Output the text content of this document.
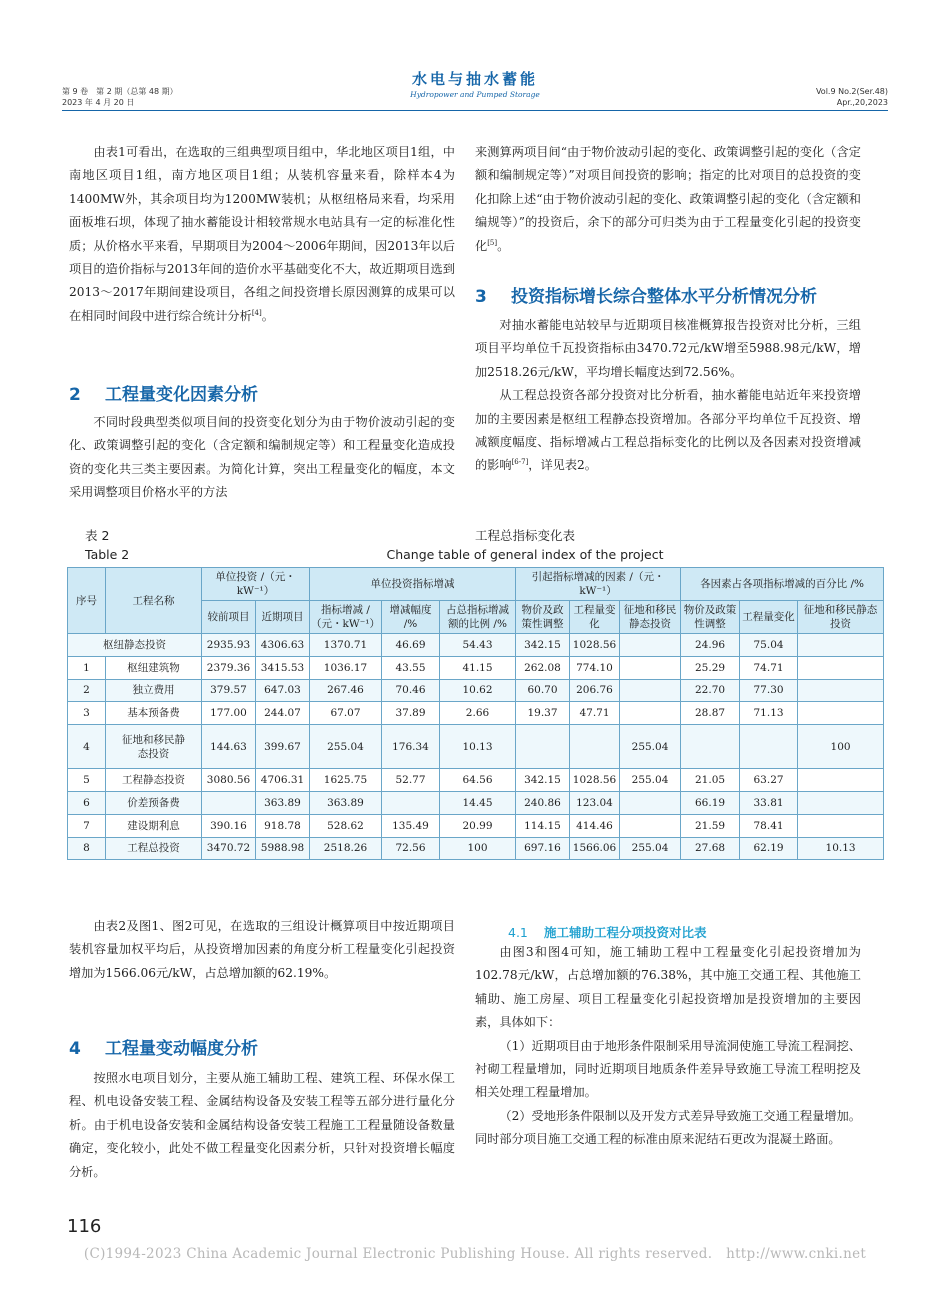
第 9 卷　第 2 期（总第 48 期）
2023 年 4 月 20 日
水电与抽水蓄能
Hydropower and Pumped Storage	Vol.9 No.2(Ser.48)
Apr.,20,2023

由表1可看出，在选取的三组典型项目组中，华北地区项目1组，中南地区项目1组，南方地区项目1组；从装机容量来看，除样本4为1400MW外，其余项目均为1200MW装机；从枢纽格局来看，均采用面板堆石坝，体现了抽水蓄能设计相较常规水电站具有一定的标准化性质；从价格水平来看，早期项目为2004～2006年期间，因2013年以后项目的造价指标与2013年间的造价水平基础变化不大，故近期项目选到2013～2017年期间建设项目，各组之间投资增长原因测算的成果可以在相同时间段中进行综合统计分析[4]。

2 工程量变化因素分析

不同时段典型类似项目间的投资变化划分为由于物价波动引起的变化、政策调整引起的变化（含定额和编制规定等）和工程量变化造成投资的变化共三类主要因素。为简化计算，突出工程量变化的幅度，本文采用调整项目价格水平的方法

来测算两项目间“由于物价波动引起的变化、政策调整引起的变化（含定额和编制规定等）”对项目间投资的影响；指定的比对项目的总投资的变化扣除上述“由于物价波动引起的变化、政策调整引起的变化（含定额和编规等）”的投资后，余下的部分可归类为由于工程量变化引起的投资变化[5]。

3 投资指标增长综合整体水平分析情况分析

对抽水蓄能电站较早与近期项目核准概算报告投资对比分析，三组项目平均单位千瓦投资指标由3470.72元/kW增至5988.98元/kW，增加2518.26元/kW，平均增长幅度达到72.56%。

从工程总投资各部分投资对比分析看，抽水蓄能电站近年来投资增加的主要因素是枢纽工程静态投资增加。各部分平均单位千瓦投资、增减额度幅度、指标增减占工程总指标变化的比例以及各因素对投资增减的影响[6-7]，详见表2。

表 2	工程总指标变化表
Table 2	Change table of general index of the project
序号	工程名称	单位投资 /（元・kW⁻¹）		单位投资指标增减			引起指标增减的因素 /（元・kW⁻¹）			各因素占各项指标增减的百分比 /%		
		较前项目	近期项目	指标增减 /（元・kW⁻¹）	增减幅度 /%	占总指标增减额的比例 /%	物价及政策性调整	工程量变化	征地和移民静态投资	物价及政策性调整	工程量变化	征地和移民静态投资
枢纽静态投资		2935.93	4306.63	1370.71	46.69	54.43	342.15	1028.56		24.96	75.04	
1	枢纽建筑物	2379.36	3415.53	1036.17	43.55	41.15	262.08	774.10		25.29	74.71	
2	独立费用	379.57	647.03	267.46	70.46	10.62	60.70	206.76		22.70	77.30	
3	基本预备费	177.00	244.07	67.07	37.89	2.66	19.37	47.71		28.87	71.13	
4	征地和移民静态投资	144.63	399.67	255.04	176.34	10.13			255.04			100
5	工程静态投资	3080.56	4706.31	1625.75	52.77	64.56	342.15	1028.56	255.04	21.05	63.27	
6	价差预备费		363.89	363.89		14.45	240.86	123.04		66.19	33.81	
7	建设期利息	390.16	918.78	528.62	135.49	20.99	114.15	414.46		21.59	78.41	
8	工程总投资	3470.72	5988.98	2518.26	72.56	100	697.16	1566.06	255.04	27.68	62.19	10.13

由表2及图1、图2可见，在选取的三组设计概算项目中按近期项目装机容量加权平均后，从投资增加因素的角度分析工程量变化引起投资增加为1566.06元/kW，占总增加额的62.19%。

4 工程量变动幅度分析

按照水电项目划分，主要从施工辅助工程、建筑工程、环保水保工程、机电设备安装工程、金属结构设备及安装工程等五部分进行量化分析。由于机电设备安装和金属结构设备安装工程施工工程量随设备数量确定，变化较小，此处不做工程量变化因素分析，只针对投资增长幅度分析。

4.1 施工辅助工程分项投资对比表

由图3和图4可知，施工辅助工程中工程量变化引起投资增加为102.78元/kW，占总增加额的76.38%，其中施工交通工程、其他施工辅助、施工房屋、项目工程量变化引起投资增加是投资增加的主要因素，具体如下：

（1）近期项目由于地形条件限制采用导流洞使施工导流工程洞挖、衬砌工程量增加，同时近期项目地质条件差异导致施工导流工程明挖及相关处理工程量增加。

（2）受地形条件限制以及开发方式差异导致施工交通工程量增加。同时部分项目施工交通工程的标准由原来泥结石更改为混凝土路面。

116
(C)1994-2023 China Academic Journal Electronic Publishing House. All rights reserved.　http://www.cnki.net
